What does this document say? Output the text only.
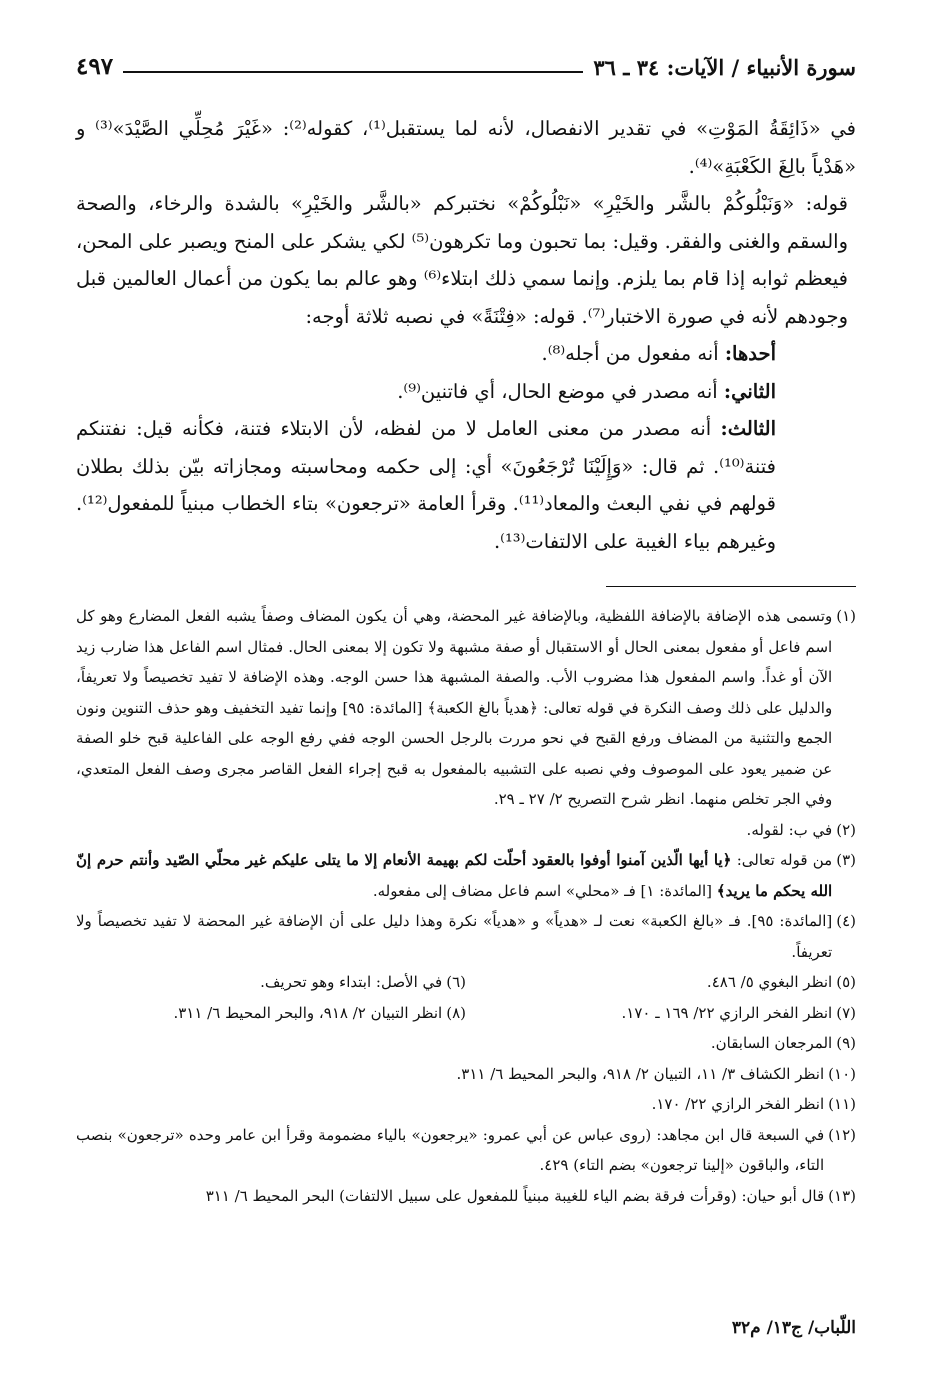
سورة الأنبياء / الآيات: ٣٤ ـ ٣٦
٤٩٧

في «ذَائِقَةُ المَوْتِ» في تقدير الانفصال، لأنه لما يستقبل⁽¹⁾، كقوله⁽²⁾: «غَيْرَ مُحِلِّي الصَّيْدَ»⁽³⁾ و «هَدْياً بالِغَ الكَعْبَةِ»⁽⁴⁾.

قوله: «وَنَبْلُوكُمْ بالشَّر والخَيْرِ» «نَبْلُوكُمْ» نختبركم «بالشَّر والخَيْرِ» بالشدة والرخاء، والصحة والسقم والغنى والفقر. وقيل: بما تحبون وما تكرهون⁽⁵⁾ لكي يشكر على المنح ويصبر على المحن، فيعظم ثوابه إذا قام بما يلزم. وإنما سمي ذلك ابتلاء⁽⁶⁾ وهو عالم بما يكون من أعمال العالمين قبل وجودهم لأنه في صورة الاختبار⁽⁷⁾. قوله: «فِتْنَةً» في نصبه ثلاثة أوجه:

أحدها: أنه مفعول من أجله⁽⁸⁾.

الثاني: أنه مصدر في موضع الحال، أي فاتنين⁽⁹⁾.

الثالث: أنه مصدر من معنى العامل لا من لفظه، لأن الابتلاء فتنة، فكأنه قيل: نفتنكم فتنة⁽¹⁰⁾. ثم قال: «وَإِلَيْنَا تُرْجَعُونَ» أي: إلى حكمه ومحاسبته ومجازاته بيّن بذلك بطلان قولهم في نفي البعث والمعاد⁽¹¹⁾. وقرأ العامة «ترجعون» بتاء الخطاب مبنياً للمفعول⁽¹²⁾. وغيرهم بياء الغيبة على الالتفات⁽¹³⁾.

(١)
وتسمى هذه الإضافة بالإضافة اللفظية، وبالإضافة غير المحضة، وهي أن يكون المضاف وصفاً يشبه الفعل المضارع وهو كل اسم فاعل أو مفعول بمعنى الحال أو الاستقبال أو صفة مشبهة ولا تكون إلا بمعنى الحال. فمثال اسم الفاعل هذا ضارب زيد الآن أو غداً. واسم المفعول هذا مضروب الأب. والصفة المشبهة هذا حسن الوجه. وهذه الإضافة لا تفيد تخصيصاً ولا تعريفاً، والدليل على ذلك وصف النكرة في قوله تعالى: ﴿هدياً بالغ الكعبة﴾ [المائدة: ٩٥] وإنما تفيد التخفيف وهو حذف التنوين ونون الجمع والتثنية من المضاف ورفع القبح في نحو مررت بالرجل الحسن الوجه ففي رفع الوجه على الفاعلية قبح خلو الصفة عن ضمير يعود على الموصوف وفي نصبه على التشبيه بالمفعول به قبح إجراء الفعل القاصر مجرى وصف الفعل المتعدي، وفي الجر تخلص منهما. انظر شرح التصريح ٢/ ٢٧ ـ ٢٩.
(٢)
في ب: لقوله.
(٣)
من قوله تعالى: ﴿يا أيها الّذين آمنوا أوفوا بالعقود أحلّت لكم بهيمة الأنعام إلا ما يتلى عليكم غير محلّي الصّيد وأنتم حرم إنّ الله يحكم ما يريد﴾ [المائدة: ١] فـ «محلي» اسم فاعل مضاف إلى مفعوله.
(٤)
[المائدة: ٩٥]. فـ «بالغ الكعبة» نعت لـ «هدياً» و «هدياً» نكرة وهذا دليل على أن الإضافة غير المحضة لا تفيد تخصيصاً ولا تعريفاً.
(٥)
انظر البغوي ٥/ ٤٨٦.
(٦)
في الأصل: ابتداء وهو تحريف.
(٧)
انظر الفخر الرازي ٢٢/ ١٦٩ ـ ١٧٠.
(٨)
انظر التبيان ٢/ ٩١٨، والبحر المحيط ٦/ ٣١١.
(٩)
المرجعان السابقان.
(١٠)
انظر الكشاف ٣/ ١١، التبيان ٢/ ٩١٨، والبحر المحيط ٦/ ٣١١.
(١١)
انظر الفخر الرازي ٢٢/ ١٧٠.
(١٢)
في السبعة قال ابن مجاهد: (روى عباس عن أبي عمرو: «يرجعون» بالياء مضمومة وقرأ ابن عامر وحده «ترجعون» بنصب التاء، والباقون «إلينا ترجعون» بضم التاء) ٤٢٩.
(١٣)
قال أبو حيان: (وقرأت فرقة بضم الياء للغيبة مبنياً للمفعول على سبيل الالتفات) البحر المحيط ٦/ ٣١١
اللّباب/ ج١٣/ م٣٢
